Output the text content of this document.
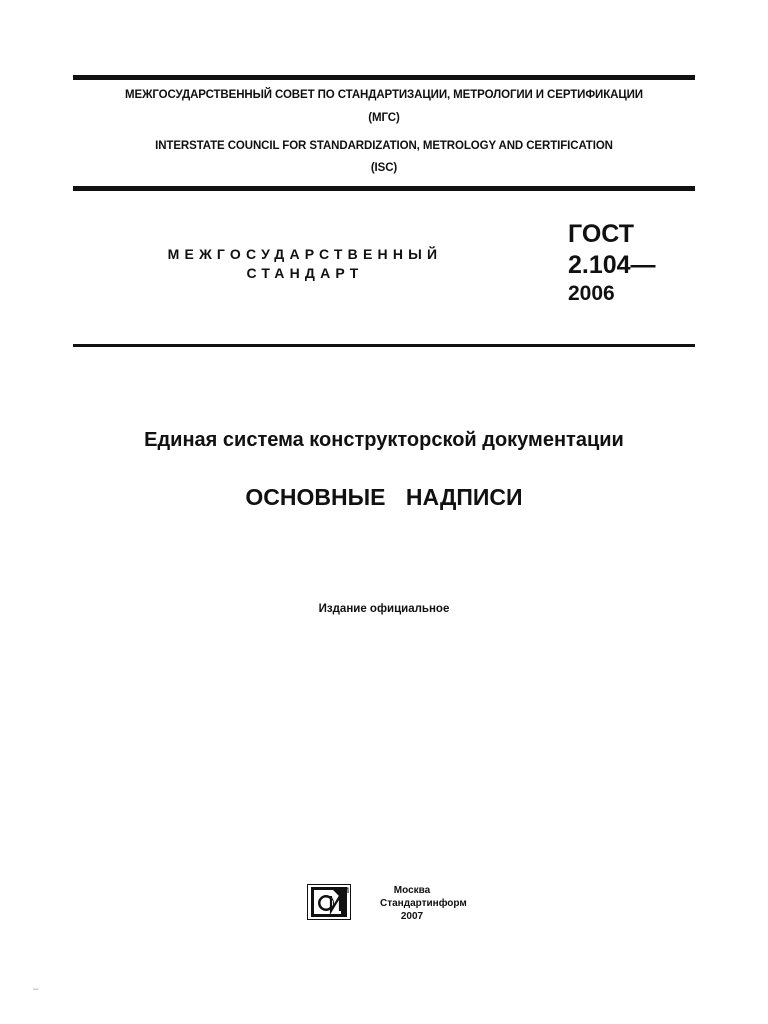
МЕЖГОСУДАРСТВЕННЫЙ СОВЕТ ПО СТАНДАРТИЗАЦИИ, МЕТРОЛОГИИ И СЕРТИФИКАЦИИ
(МГС)
INTERSTATE COUNCIL FOR STANDARDIZATION, METROLOGY AND CERTIFICATION
(ISC)
МЕЖГОСУДАРСТВЕННЫЙ
СТАНДАРТ
ГОСТ
2.104—
2006
Единая система конструкторской документации
ОСНОВНЫЕ НАДПИСИ
Издание официальное
Москва
Стандартинформ
2007
▪▪▪▪▪
